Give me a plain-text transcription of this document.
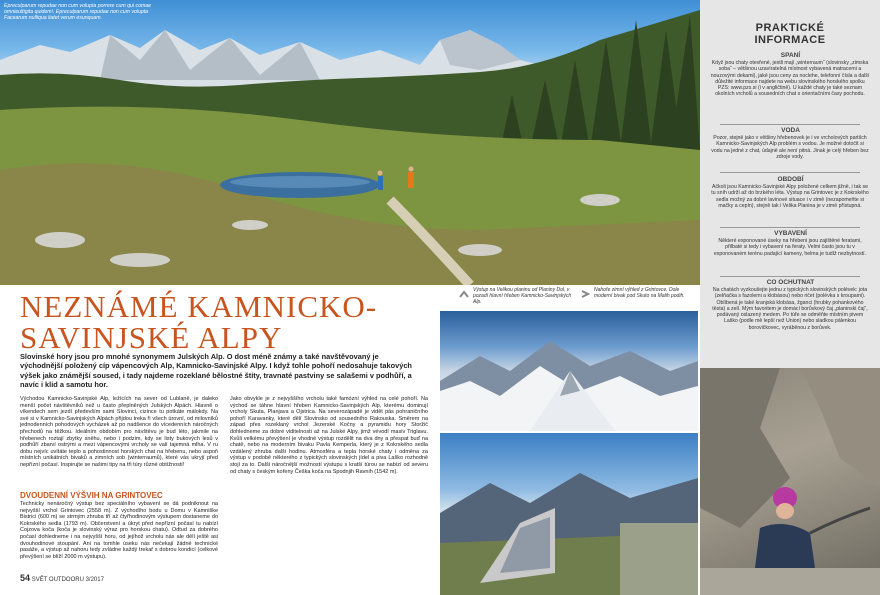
Epreculparum repudae non cum volupta porrere cum qui comae omnieultigita quidem!. Epreculparum repudae non cum volupta Facearum nulliqua liatet verum esunquam.
PRAKTICKÉ INFORMACE
SPANÍ
Když jsou chaty otevřené, jestli mají „winterraum“ (slovinsky „zimska soba“ – většinou uzavíratelná místnost vybavená matracemi a nouzovými dekami), jaké jsou ceny za noclehe, telefonní čísla a další důležité informace najdete na webu slovinského horského spolku PZS: www.pzs.si (i v angličtině). U každé chaty je také seznam okolních vrcholů a sousedních chat s orientačními časy pochodu.
VODA
Pozor, stejně jako v většiny hřebenovek je i ve vrcholových partiích Kamnicko-Savinjských Alp problém s vodou. Je možné dotočit si vodu na jedné z chat, údajně ale není pitná. Jinak je celý hřeben bez zdroje vody.
OBDOBÍ
Ačkoli jsou Kamnicko-Savinjské Alpy položené celkem jižně, i tak se tu sníh udrží až do brzkého léta. Výstup na Grintovec je z Kokrského sedla možný za dobré lavinové situace i v zimě (nezapomeňte si mačky a cepín), stejně tak i Velika Planina je v zimě přístupná.
VYBAVENÍ
Některé exponované úseky na hřebeni jsou zajištěné feratami, přilbaté si tedy i vybavení na feraty. Velmi často jsou tu v exponovaném terénu padající kameny, helma je tudíž nezbytností.
CO OCHUTNAT
Na chatách vyzkoušejte jednu z typických slovinských polévek: jota (zelňačka s fazolemi a klobásou) nebo ričet (polévka s kroupami). Oblíbená je také kranjská klobása, žganci (hrubky pohankového těsta) a zelí. Mým favoritem je domácí borůvkový čaj „planinski čaj“, podávaný oslazený medem. Po túře se odměňte místním pivem Laško (podle mě lepší než Union) nebo sladkou pálenkou borovičkovec, vyráběnou z borůvek.
Výstup na Velikou planinu od Planiny Dol, v pozadí hlavní hřeben Kamnicko-Savinjských Alp.
Nahoře zimní výhled z Grintovce. Dole moderní bivak pod Skuto na Malih podih.
NEZNÁMÉ KAMNICKO-
SAVINJSKÉ ALPY
Slovinské hory jsou pro mnohé synonymem Julských Alp. O dost méně známy a také navštěvovaný je východnější položený cíp vápencových Alp, Kamnicko-Savinjské Alpy. I když tohle pohoří nedosahuje takových výšek jako známější soused, i tady najdeme rozeklané bělostné štíty, travnaté pastviny se salašemi v podhůří, a navíc i klid a samotu hor.
Východou Kamnicko-Savinjské Alp, ležících na sever od Lublaně, je daleko menší počet návštěvníků než u často přeplněných Julských Alpách. Hlavně o víkendech sem jezdí především sami Slovinci, cizince tu potkáte málokdy. Na své si v Kamnicko-Savinjských Alpách přijdou treka ři všech úrovní, od milovníků jednodenních pohodových vycházek až po nadšence do vícedenních náročných přechodů na těžkou. Ideálním obdobím pro návštěvu je bud léto, jakmile na hřebenech roztají zbytky sněhu, nebo i podzim, kdy se listy bukových lesů v podhůří zbarví ostrými a mezi vápencovými vrcholy se valí tajemná mlha. V ru dobu nejvíc uvítáte teplo a pohostinnost horských chat na hřebenu, nebo aspoň místních unikátních bivaků a zimních sob (winterraumů), které vás ukryjí před nepřízní počasí. Inspirujte se našimi tipy na tři túry různé obtížnosti!
DVOUDENNÍ VÝŠVIH NA GRINTOVEC
Technicky nenáročný výstup bez speciálního vybavení se dá podniknout na nejvyšší vrchol Grintovec (2558 m). Z východího bodu u Domu v Kamniške Bistrici (600 m) se strmým zhruba tří až čtyřhodinovým výstupem dostaneme do Kokrského sedla (1793 m). Občerstvení a úkryt před nepřízní počasí tu nabízí Cojzova koča (koča je slovinský výraz pro horskou chatu). Odtud za dobrého počasí dohledneme i na nejvyšší horu, od jejíhož vrcholu nás ale dělí ještě asi dvouhodinové stoupání. Ani na tomhle úseku nás nečekají žádné technické pasáže, a výstup až nahoru tedy zvládne každý trekař s dobrou kondicí (celkové převýšení se blíží 2000 m výstupu).
Jako obvykle je z nejvyššího vrcholu také famózní výhled na celé pohoří. Na východ se táhne hlavní hřeben Kamnicko-Savinjských Alp, kterému dominují vrcholy Skuta, Planjava a Ojstrica. Na severozápadě je vidět pás pohraničního pohoří Karavanky, které dělí Slovinsko od sousedního Rakouska. Směrem na západ přes rozeklaný vrchol Jezerské Kočny a pyramidu hory Storžič dohledneme za dobré viditelnosti až na Julské Alpy, jimž vévodí masiv Triglavu. Kvůli velkému převýšení je vhodné výstup rozdělit na dva dny a přespat buď na chatě, nebo na moderním bivaku Pavla Kemperla, který je z Kokrského sedla vzdálený zhruba dalši hodinu. Atmosféra a tepla horské chaty i odměna za výstup v podobě některého z typických slovinských jídel a piva Laško rozhodně stojí za to. Další náročnější možností výstupu s kratší túrou se nabízí od severu od chaty s českým kořeny Češka koča na Spodnjih Ravnih (1542 m).
54 SVĚT OUTDOORU 3/2017
